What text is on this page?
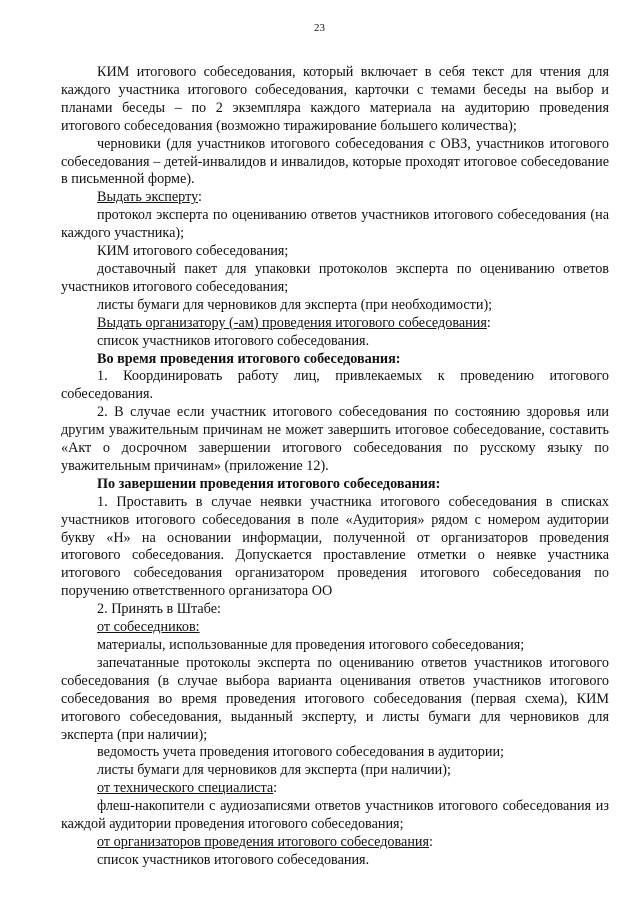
23

КИМ итогового собеседования, который включает в себя текст для чтения для каждого участника итогового собеседования, карточки с темами беседы на выбор и планами беседы – по 2 экземпляра каждого материала на аудиторию проведения итогового собеседования (возможно тиражирование большего количества);

черновики (для участников итогового собеседования с ОВЗ, участников итогового собеседования – детей-инвалидов и инвалидов, которые проходят итоговое собеседование в письменной форме).

Выдать эксперту:

протокол эксперта по оцениванию ответов участников итогового собеседования (на каждого участника);

КИМ итогового собеседования;

доставочный пакет для упаковки протоколов эксперта по оцениванию ответов участников итогового собеседования;

листы бумаги для черновиков для эксперта (при необходимости);

Выдать организатору (-ам) проведения итогового собеседования:

список участников итогового собеседования.

Во время проведения итогового собеседования:

1. Координировать работу лиц, привлекаемых к проведению итогового собеседования.

2. В случае если участник итогового собеседования по состоянию здоровья или другим уважительным причинам не может завершить итоговое собеседование, составить «Акт о досрочном завершении итогового собеседования по русскому языку по уважительным причинам» (приложение 12).

По завершении проведения итогового собеседования:

1. Проставить в случае неявки участника итогового собеседования в списках участников итогового собеседования в поле «Аудитория» рядом с номером аудитории букву «Н» на основании информации, полученной от организаторов проведения итогового собеседования. Допускается проставление отметки о неявке участника итогового собеседования организатором проведения итогового собеседования по поручению ответственного организатора ОО

2. Принять в Штабе:

от собеседников:

материалы, использованные для проведения итогового собеседования;

запечатанные протоколы эксперта по оцениванию ответов участников итогового собеседования (в случае выбора варианта оценивания ответов участников итогового собеседования во время проведения итогового собеседования (первая схема), КИМ итогового собеседования, выданный эксперту, и листы бумаги для черновиков для эксперта (при наличии);

ведомость учета проведения итогового собеседования в аудитории;

листы бумаги для черновиков для эксперта (при наличии);

от технического специалиста:

флеш-накопители с аудиозаписями ответов участников итогового собеседования из каждой аудитории проведения итогового собеседования;

от организаторов проведения итогового собеседования:

список участников итогового собеседования.
